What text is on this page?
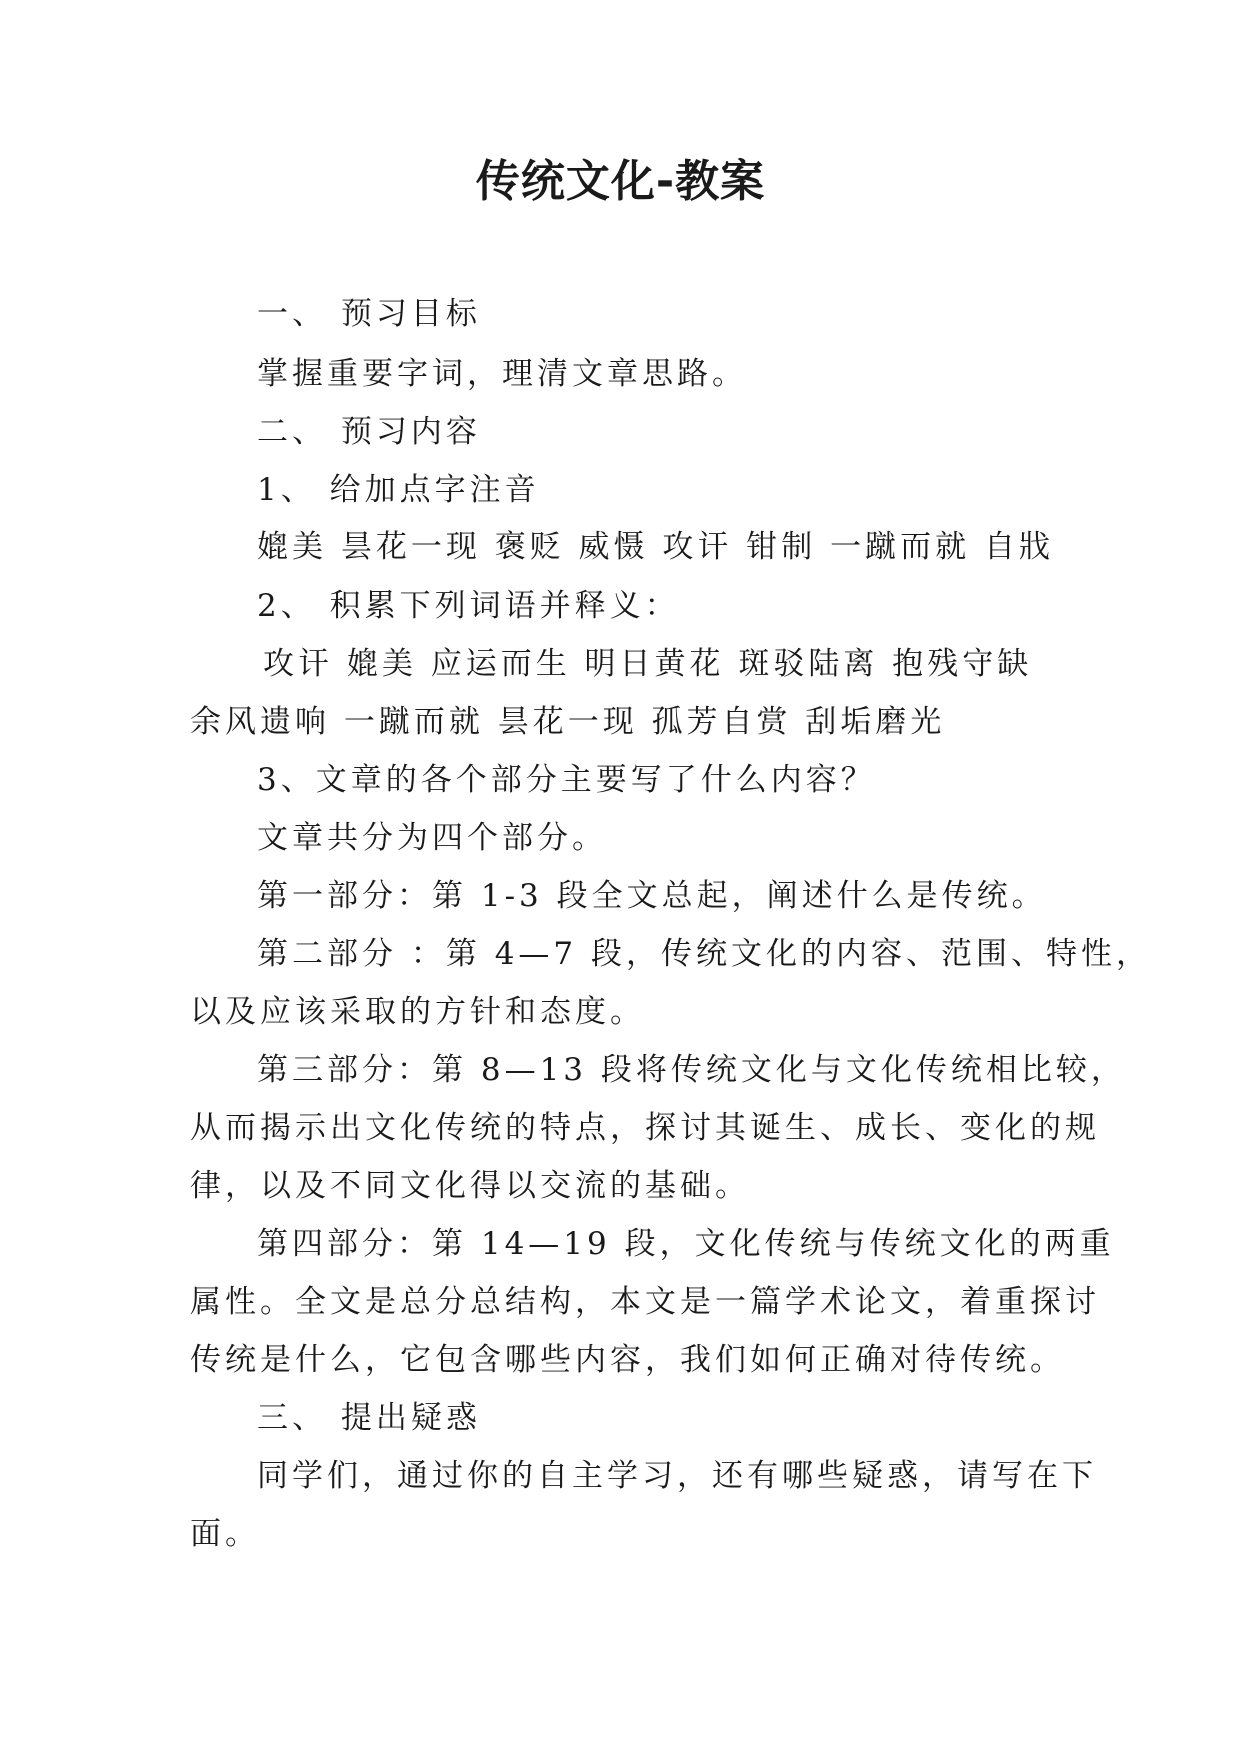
传统文化-教案
一、 预习目标
掌握重要字词，理清文章思路。
二、 预习内容
1、 给加点字注音
媲美 昙花一现 褒贬 威慑 攻讦 钳制 一蹴而就 自戕
2、 积累下列词语并释义：
攻讦 媲美 应运而生 明日黄花 斑驳陆离 抱残守缺
余风遗响 一蹴而就 昙花一现 孤芳自赏 刮垢磨光
3、文章的各个部分主要写了什么内容？
文章共分为四个部分。
第一部分：第 1-3 段全文总起，阐述什么是传统。
第二部分 ：第 4—7 段，传统文化的内容、范围、特性，
以及应该采取的方针和态度。
第三部分：第 8—13 段将传统文化与文化传统相比较，
从而揭示出文化传统的特点，探讨其诞生、成长、变化的规
律，以及不同文化得以交流的基础。
第四部分：第 14—19 段，文化传统与传统文化的两重
属性。全文是总分总结构，本文是一篇学术论文，着重探讨
传统是什么，它包含哪些内容，我们如何正确对待传统。
三、 提出疑惑
同学们，通过你的自主学习，还有哪些疑惑，请写在下
面。
